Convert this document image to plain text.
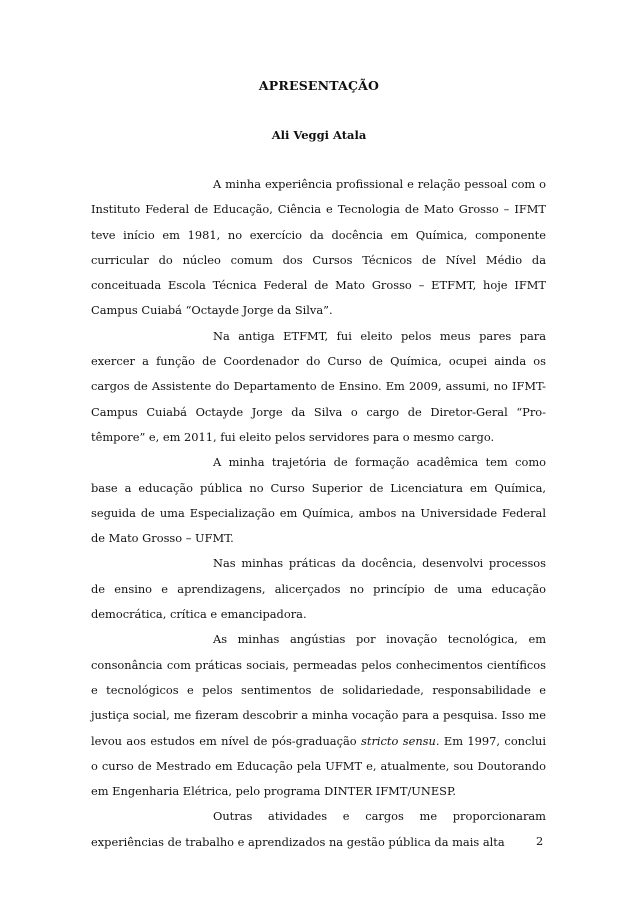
APRESENTAÇÃO
Ali Veggi Atala

A minha experiência profissional e relação pessoal com o Instituto Federal de Educação, Ciência e Tecnologia de Mato Grosso – IFMT teve início em 1981, no exercício da docência em Química, componente curricular do núcleo comum dos Cursos Técnicos de Nível Médio da conceituada Escola Técnica Federal de Mato Grosso – ETFMT, hoje IFMT Campus Cuiabá “Octayde Jorge da Silva”.

Na antiga ETFMT, fui eleito pelos meus pares para exercer a função de Coordenador do Curso de Química, ocupei ainda os cargos de Assistente do Departamento de Ensino. Em 2009, assumi, no IFMT-Campus Cuiabá Octayde Jorge da Silva o cargo de Diretor-Geral “Pro-têmpore” e, em 2011, fui eleito pelos servidores para o mesmo cargo.

A minha trajetória de formação acadêmica tem como base a educação pública no Curso Superior de Licenciatura em Química, seguida de uma Especialização em Química, ambos na Universidade Federal de Mato Grosso – UFMT.

Nas minhas práticas da docência, desenvolvi processos de ensino e aprendizagens, alicerçados no princípio de uma educação democrática, crítica e emancipadora.

As minhas angústias por inovação tecnológica, em consonância com práticas sociais, permeadas pelos conhecimentos científicos e tecnológicos e pelos sentimentos de solidariedade, responsabilidade e justiça social, me fizeram descobrir a minha vocação para a pesquisa. Isso me levou aos estudos em nível de pós-graduação stricto sensu. Em 1997, conclui o curso de Mestrado em Educação pela UFMT e, atualmente, sou Doutorando em Engenharia Elétrica, pelo programa DINTER IFMT/UNESP.

Outras atividades e cargos me proporcionaram experiências de trabalho e aprendizados na gestão pública da mais alta	2
